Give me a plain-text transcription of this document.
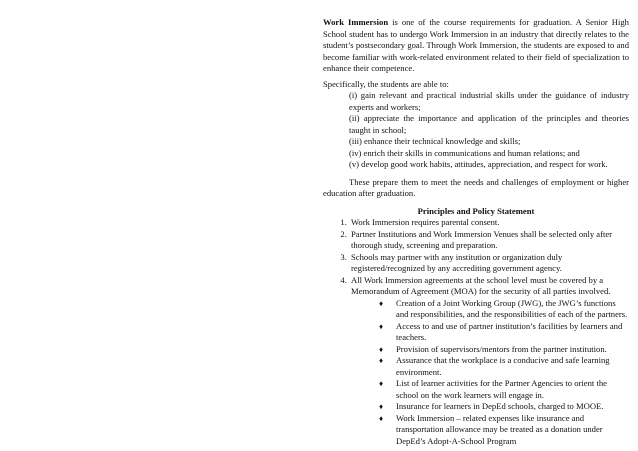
Work Immersion is one of the course requirements for graduation. A Senior High School student has to undergo Work Immersion in an industry that directly relates to the student’s postsecondary goal. Through Work Immersion, the students are exposed to and become familiar with work-related environment related to their field of specialization to enhance their competence.

Specifically, the students are able to:

(i) gain relevant and practical industrial skills under the guidance of industry experts and workers;

(ii) appreciate the importance and application of the principles and theories taught in school;

(iii) enhance their technical knowledge and skills;

(iv) enrich their skills in communications and human relations; and

(v) develop good work habits, attitudes, appreciation, and respect for work.

These prepare them to meet the needs and challenges of employment or higher education after graduation.

Principles and Policy Statement

1. Work Immersion requires parental consent.
2. Partner Institutions and Work Immersion Venues shall be selected only after thorough study, screening and preparation.
3. Schools may partner with any institution or organization duly registered/recognized by any accrediting government agency.
4. All Work Immersion agreements at the school level must be covered by a Memorandum of Agreement (MOA) for the security of all parties involved.
♦ Creation of a Joint Working Group (JWG), the JWG’s functions and responsibilities, and the responsibilities of each of the partners.
♦ Access to and use of partner institution’s facilities by learners and teachers.
♦ Provision of supervisors/mentors from the partner institution.
♦ Assurance that the workplace is a conducive and safe learning environment.
♦ List of learner activities for the Partner Agencies to orient the school on the work learners will engage in.
♦ Insurance for learners in DepEd schools, charged to MOOE.
♦ Work Immersion – related expenses like insurance and transportation allowance may be treated as a donation under DepEd’s Adopt-A-School Program
